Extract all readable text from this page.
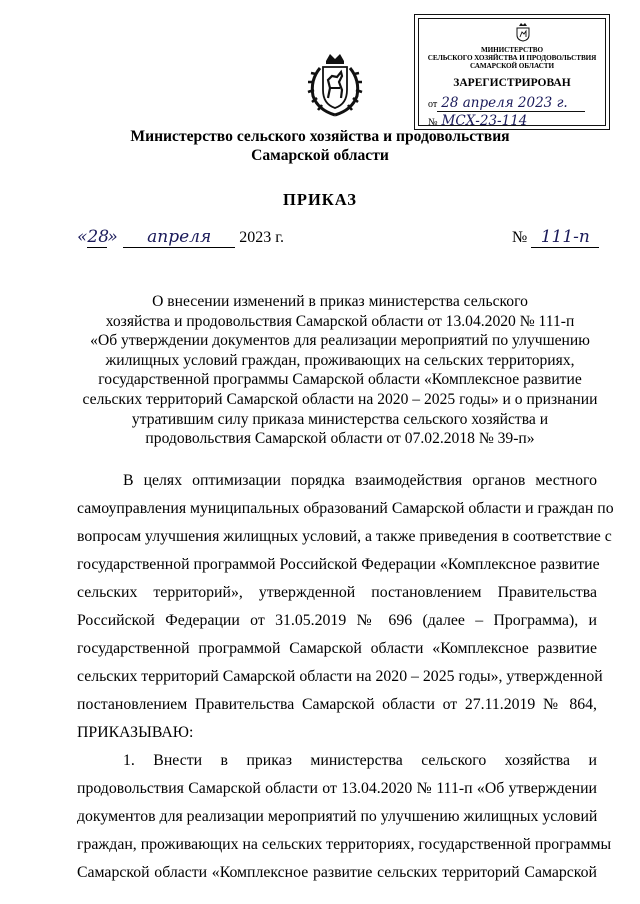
МИНИСТЕРСТВО
СЕЛЬСКОГО ХОЗЯЙСТВА И ПРОДОВОЛЬСТВИЯ
САМАРСКОЙ ОБЛАСТИ
ЗАРЕГИСТРИРОВАН
от 28 апреля 2023 г.
№ МСХ-23-114
Министерство сельского хозяйства и продовольствия
Самарской области
ПРИКАЗ
«28» апреля 2023 г.	№ 111-п
О внесении изменений в приказ министерства сельского
хозяйства и продовольствия Самарской области от 13.04.2020 № 111-п
«Об утверждении документов для реализации мероприятий по улучшению
жилищных условий граждан, проживающих на сельских территориях,
государственной программы Самарской области «Комплексное развитие
сельских территорий Самарской области на 2020 – 2025 годы» и о признании
утратившим силу приказа министерства сельского хозяйства и
продовольствия Самарской области от 07.02.2018 № 39-п»
В целях оптимизации порядка взаимодействия органов местного
самоуправления муниципальных образований Самарской области и граждан по
вопросам улучшения жилищных условий, а также приведения в соответствие с
государственной программой Российской Федерации «Комплексное развитие
сельских территорий», утвержденной постановлением Правительства
Российской Федерации от 31.05.2019 № 696 (далее – Программа), и
государственной программой Самарской области «Комплексное развитие
сельских территорий Самарской области на 2020 – 2025 годы», утвержденной
постановлением Правительства Самарской области от 27.11.2019 № 864,
ПРИКАЗЫВАЮ:
1. Внести в приказ министерства сельского хозяйства и
продовольствия Самарской области от 13.04.2020 № 111-п «Об утверждении
документов для реализации мероприятий по улучшению жилищных условий
граждан, проживающих на сельских территориях, государственной программы
Самарской области «Комплексное развитие сельских территорий Самарской
